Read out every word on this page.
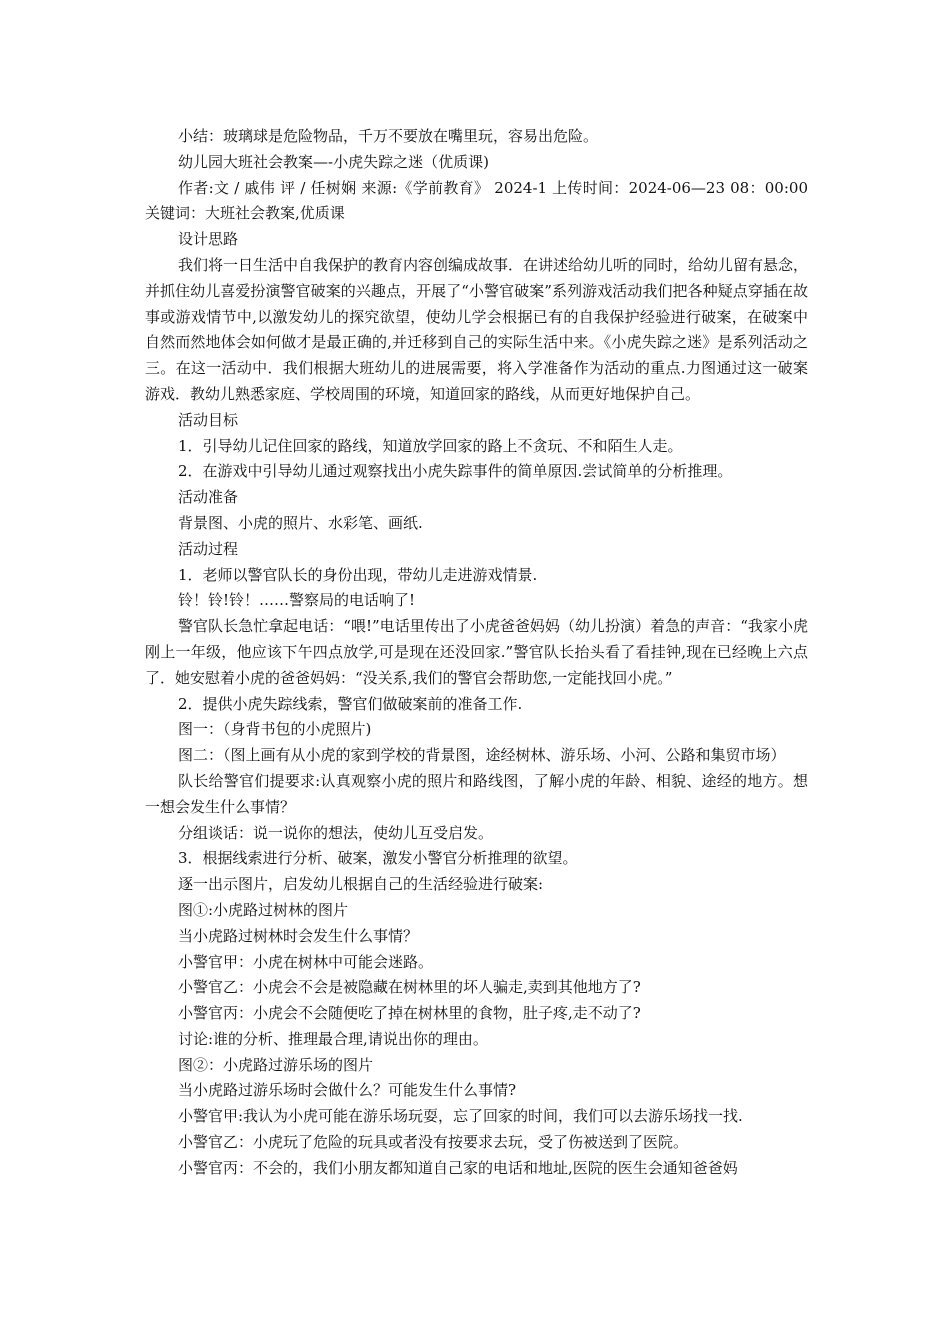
小结：玻璃球是危险物品，千万不要放在嘴里玩，容易出危险。

幼儿园大班社会教案—-小虎失踪之迷（优质课)

作者:文 / 戚伟 评 / 任树娴 来源:《学前教育》 2024-1 上传时间：2024-06—23 08：00:00 关键词：大班社会教案,优质课

设计思路

我们将一日生活中自我保护的教育内容创编成故事．在讲述给幼儿听的同时，给幼儿留有悬念，并抓住幼儿喜爱扮演警官破案的兴趣点，开展了“小警官破案”系列游戏活动我们把各种疑点穿插在故事或游戏情节中,以激发幼儿的探究欲望，使幼儿学会根据已有的自我保护经验进行破案，在破案中自然而然地体会如何做才是最正确的,并迁移到自己的实际生活中来。《小虎失踪之迷》是系列活动之三。在这一活动中．我们根据大班幼儿的进展需要，将入学准备作为活动的重点.力图通过这一破案游戏．教幼儿熟悉家庭、学校周围的环境，知道回家的路线，从而更好地保护自己。

活动目标

1．引导幼儿记住回家的路线，知道放学回家的路上不贪玩、不和陌生人走。

2．在游戏中引导幼儿通过观察找出小虎失踪事件的简单原因.尝试简单的分析推理。

活动准备

背景图、小虎的照片、水彩笔、画纸.

活动过程

1．老师以警官队长的身份出现，带幼儿走进游戏情景.

铃！铃!铃！……警察局的电话响了!

警官队长急忙拿起电话：“喂!”电话里传出了小虎爸爸妈妈（幼儿扮演）着急的声音：“我家小虎刚上一年级，他应该下午四点放学,可是现在还没回家.”警官队长抬头看了看挂钟,现在已经晚上六点了．她安慰着小虎的爸爸妈妈：“没关系,我们的警官会帮助您,一定能找回小虎。”

2．提供小虎失踪线索，警官们做破案前的准备工作.

图一：（身背书包的小虎照片)

图二：（图上画有从小虎的家到学校的背景图，途经树林、游乐场、小河、公路和集贸市场）

队长给警官们提要求:认真观察小虎的照片和路线图，了解小虎的年龄、相貌、途经的地方。想一想会发生什么事情？

分组谈话：说一说你的想法，使幼儿互受启发。

3．根据线索进行分析、破案，激发小警官分析推理的欲望。

逐一出示图片，启发幼儿根据自己的生活经验进行破案:

图①:小虎路过树林的图片

当小虎路过树林时会发生什么事情？

小警官甲：小虎在树林中可能会迷路。

小警官乙：小虎会不会是被隐藏在树林里的坏人骗走,卖到其他地方了?

小警官丙：小虎会不会随便吃了掉在树林里的食物，肚子疼,走不动了?

讨论:谁的分析、推理最合理,请说出你的理由。

图②：小虎路过游乐场的图片

当小虎路过游乐场时会做什么？可能发生什么事情?

小警官甲:我认为小虎可能在游乐场玩耍，忘了回家的时间，我们可以去游乐场找一找.

小警官乙：小虎玩了危险的玩具或者没有按要求去玩，受了伤被送到了医院。

小警官丙：不会的，我们小朋友都知道自己家的电话和地址,医院的医生会通知爸爸妈
